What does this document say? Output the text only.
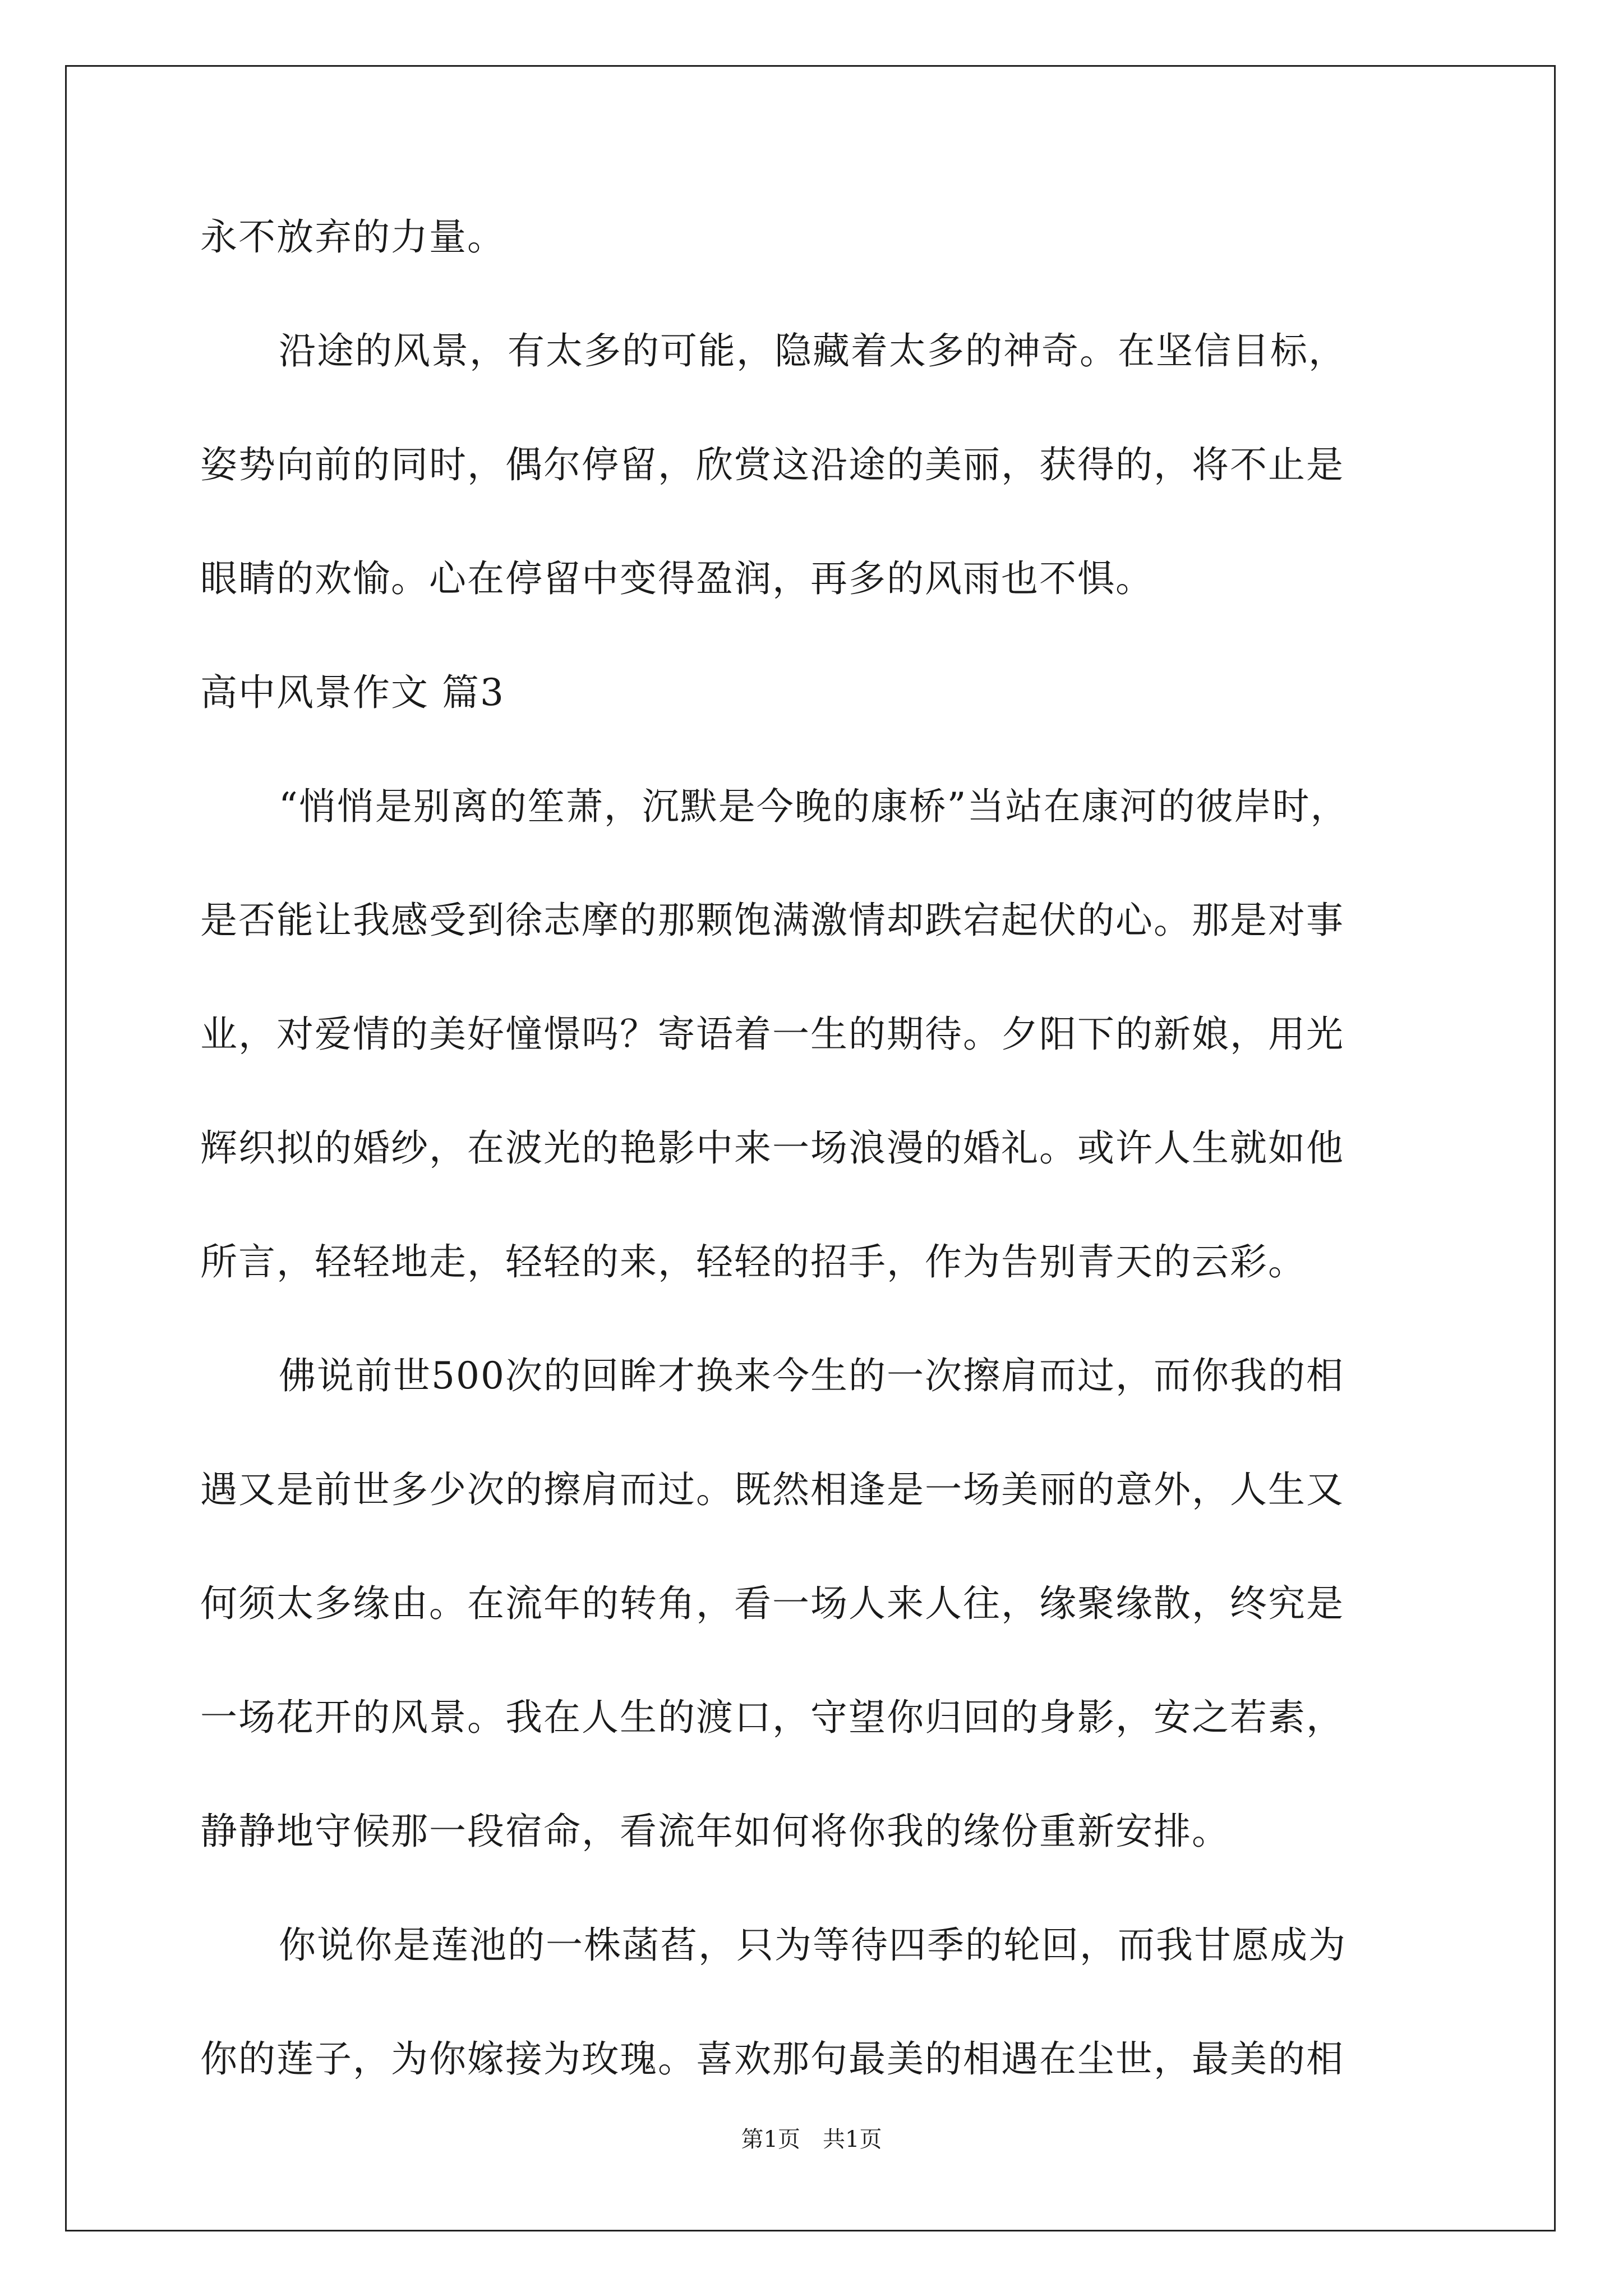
永不放弃的力量。
沿途的风景，有太多的可能，隐藏着太多的神奇。在坚信目标，
姿势向前的同时，偶尔停留，欣赏这沿途的美丽，获得的，将不止是
眼睛的欢愉。心在停留中变得盈润，再多的风雨也不惧。
高中风景作文 篇3
“悄悄是别离的笙萧，沉默是今晚的康桥”当站在康河的彼岸时，
是否能让我感受到徐志摩的那颗饱满激情却跌宕起伏的心。那是对事
业，对爱情的美好憧憬吗？寄语着一生的期待。夕阳下的新娘，用光
辉织拟的婚纱，在波光的艳影中来一场浪漫的婚礼。或许人生就如他
所言，轻轻地走，轻轻的来，轻轻的招手，作为告别青天的云彩。
佛说前世500次的回眸才换来今生的一次擦肩而过，而你我的相
遇又是前世多少次的擦肩而过。既然相逢是一场美丽的意外，人生又
何须太多缘由。在流年的转角，看一场人来人往，缘聚缘散，终究是
一场花开的风景。我在人生的渡口，守望你归回的身影，安之若素，
静静地守候那一段宿命，看流年如何将你我的缘份重新安排。
你说你是莲池的一株菡萏，只为等待四季的轮回，而我甘愿成为
你的莲子，为你嫁接为玫瑰。喜欢那句最美的相遇在尘世，最美的相
第1页　共1页
